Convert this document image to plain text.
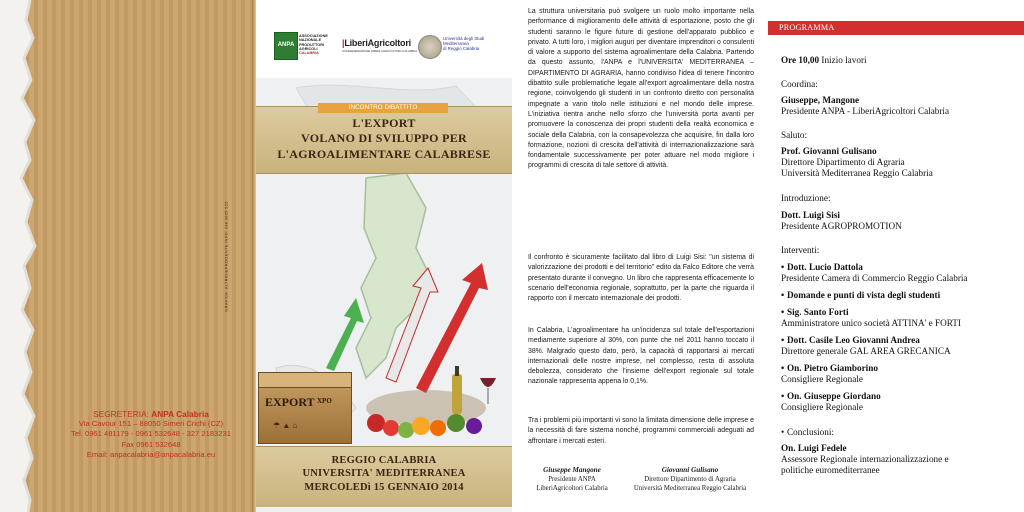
GRAFICA: ALTRIDIEPROGENTE INFO: 338 0025 525
SEGRETERIA: ANPA Calabria
Via Cavour 151 – 88050 Simeri Crichi (CZ)
Tel. 0961 481179 - 0961 532648 - 327 2183231
Fax 0961 532648
Email: anpacalabria@anpacalabria.eu
ANPA
ASSOCIAZIONE
NAZIONALE
PRODUTTORI
AGRICOLI
CALABRIA
|LiberiAgricoltori
CONFEDERAZIONE LIBERI AGRICOLTORI CALABRIA
Università degli Studi
Mediterranea
di Reggio Calabria
INCONTRO DIBATTITO
L'EXPORT
VOLANO DI SVILUPPO PER
L'AGROALIMENTARE CALABRESE
EXPORT XPO
☂ ▲ ⌂
REGGIO CALABRIA
UNIVERSITA' MEDITERRANEA
MERCOLEDì 15 GENNAIO 2014

La struttura universitaria può svolgere un ruolo molto importante nella performance di miglioramento delle attività di esportazione, posto che gli studenti saranno le figure future di gestione dell'apparato pubblico e privato. A tutti loro, i migliori auguri per diventare imprenditori o consulenti di valore a supporto del sistema agroalimentare della Calabria. Partendo da questo assunto, l'ANPA e l'UNIVERSITA' MEDITERRANEA – DIPARTIMENTO DI AGRARIA, hanno condiviso l'idea di tenere l'incontro dibattito sulle problematiche legate all'export agroalimentare della nostra regione, coinvolgendo gli studenti in un confronto diretto con personalità impegnate a vario titolo nelle istituzioni e nel mondo delle imprese. L'iniziativa rientra anche nello sforzo che l'università porta avanti per promuovere la conoscenza dei propri studenti della realtà economica e sociale della Calabria, con la consapevolezza che acquisire, fin dalla loro formazione, nozioni di crescita dell'attività di internazionalizzazione sarà fondamentale successivamente per poter attuare nel modo migliore i programmi di crescita di tale settore di attività.

Il confronto è sicuramente facilitato dal libro di Luigi Sisi: "un sistema di valorizzazione dei prodotti e del territorio" edito da Falco Editore che verrà presentato durante il convegno. Un libro che rappresenta efficacemente lo scenario dell'economia regionale, soprattutto, per la parte che riguarda il rapporto con il mercato internazionale dei prodotti.

In Calabria, L'agroalimentare ha un'incidenza sul totale dell'esportazioni mediamente superiore al 30%, con punte che nel 2011 hanno toccato il 38%. Malgrado questo dato, però, la capacità di rapportarsi ai mercati internazionali delle nostre imprese, nel complesso, resta di assoluta debolezza, considerato che l'insieme dell'export regionale sul totale nazionale rappresenta appena lo 0,1%.

Tra i problemi più importanti vi sono la limitata dimensione delle imprese e la necessità di fare sistema nonché, programmi commerciali adeguati ad affrontare i mercati esteri.

Giuseppe Mangone
Presidente ANPA
LiberiAgricoltori Calabria
Giovanni Gulisano
Direttore Dipartimento di Agraria
Università Mediterranea Reggio Calabria
PROGRAMMA
Ore 10,00 Inizio lavori
Coordina:
Giuseppe, Mangone
Presidente ANPA - LiberiAgricoltori Calabria
Saluto:
Prof. Giovanni Gulisano
Direttore Dipartimento di Agraria
Università Mediterranea Reggio Calabria
Introduzione:
Dott. Luigi Sisi
Presidente AGROPROMOTION
Interventi:
• Dott. Lucio Dattola
Presidente Camera di Commercio Reggio Calabria
• Domande e punti di vista degli studenti
• Sig. Santo Forti
Amministratore unico società ATTINA' e FORTI
• Dott. Casile Leo Giovanni Andrea
Direttore generale GAL AREA GRECANICA
• On. Pietro Giamborino
Consigliere Regionale
• On. Giuseppe Giordano
Consigliere Regionale
• Conclusioni:
On. Luigi Fedele
Assessore Regionale internazionalizzazione e
politiche euromediterranee
